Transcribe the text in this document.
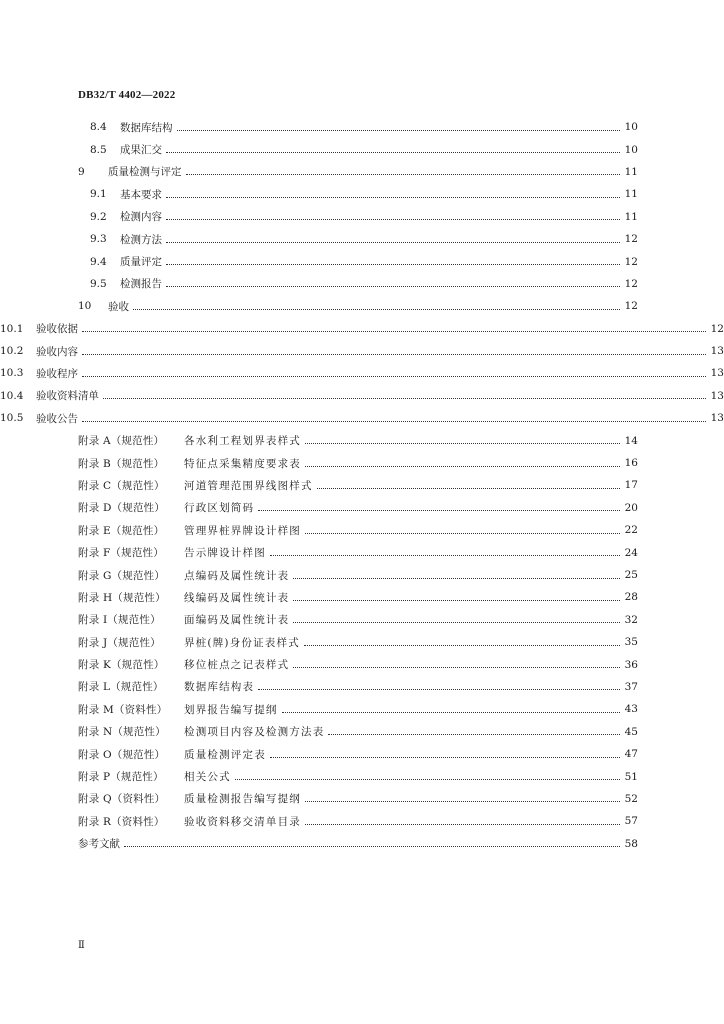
DB32/T 4402—2022
8.4	数据库结构	10
8.5	成果汇交	10
9	质量检测与评定	11
9.1	基本要求	11
9.2	检测内容	11
9.3	检测方法	12
9.4	质量评定	12
9.5	检测报告	12
10	验收	12
10.1	验收依据	12
10.2	验收内容	13
10.3	验收程序	13
10.4	验收资料清单	13
10.5	验收公告	13
附录 A（规范性）	各水利工程划界表样式	14
附录 B（规范性）	特征点采集精度要求表	16
附录 C（规范性）	河道管理范围界线图样式	17
附录 D（规范性）	行政区划简码	20
附录 E（规范性）	管理界桩界牌设计样图	22
附录 F（规范性）	告示牌设计样图	24
附录 G（规范性）	点编码及属性统计表	25
附录 H（规范性）	线编码及属性统计表	28
附录 I（规范性）	面编码及属性统计表	32
附录 J（规范性）	界桩(牌)身份证表样式	35
附录 K（规范性）	移位桩点之记表样式	36
附录 L（规范性）	数据库结构表	37
附录 M（资料性）	划界报告编写提纲	43
附录 N（规范性）	检测项目内容及检测方法表	45
附录 O（规范性）	质量检测评定表	47
附录 P（规范性）	相关公式	51
附录 Q（资料性）	质量检测报告编写提纲	52
附录 R（资料性）	验收资料移交清单目录	57
参考文献	58
Ⅱ
